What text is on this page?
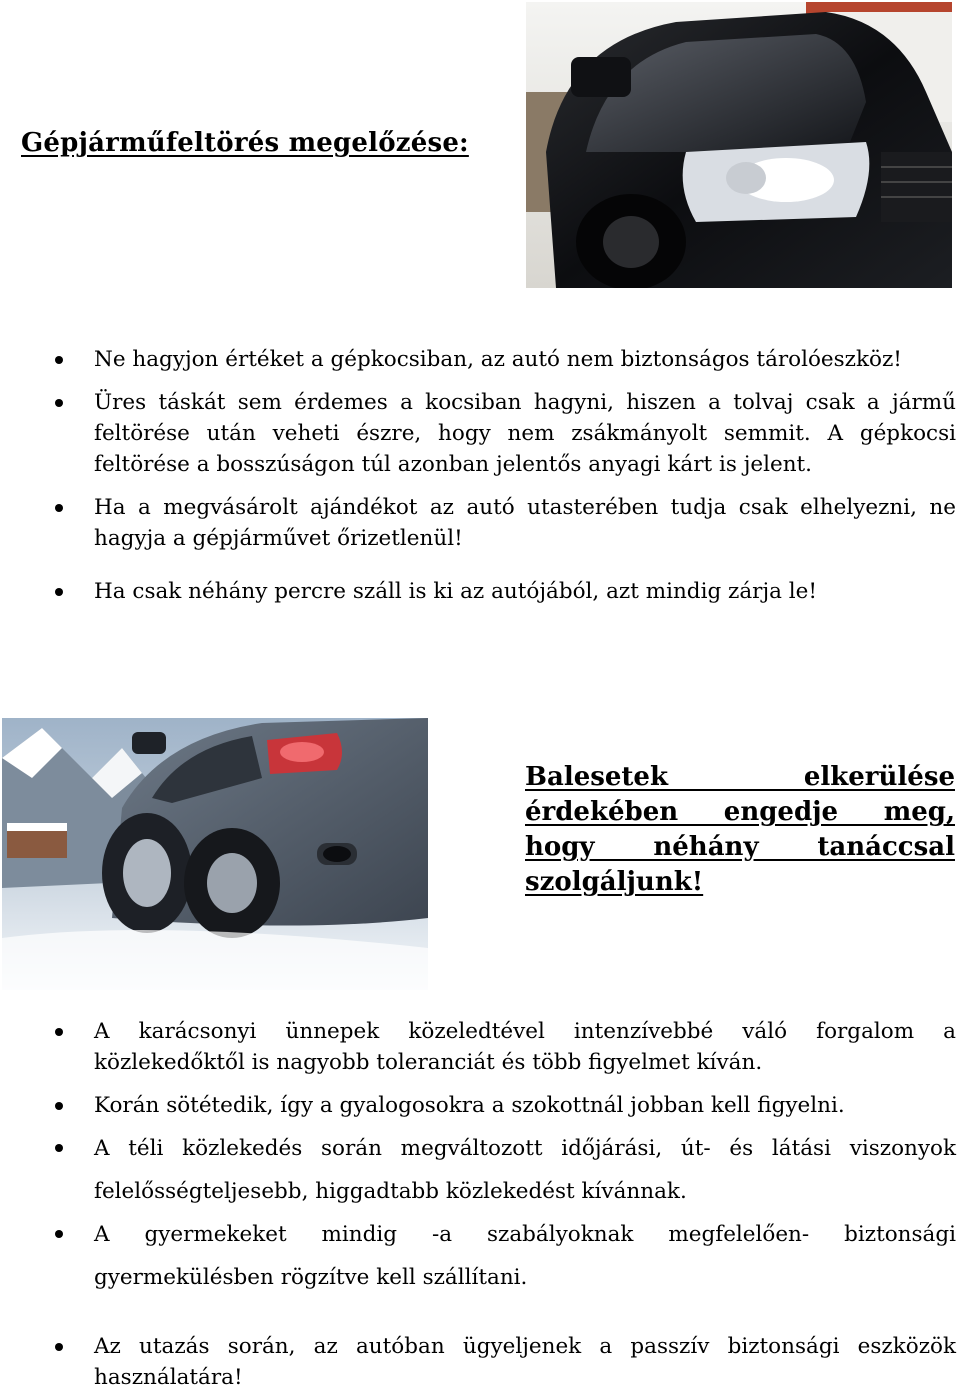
Gépjárműfeltörés megelőzése:
Ne hagyjon értéket a gépkocsiban, az autó nem biztonságos tárolóeszköz!
Üres táskát sem érdemes a kocsiban hagyni, hiszen a tolvaj csak a jármű feltörése után veheti észre, hogy nem zsákmányolt semmit. A gépkocsi feltörése a bosszúságon túl azonban jelentős anyagi kárt is jelent.
Ha a megvásárolt ajándékot az autó utasterében tudja csak elhelyezni, ne hagyja a gépjárművet őrizetlenül!
Ha csak néhány percre száll is ki az autójából, azt mindig zárja le!
Balesetek elkerülése érdekében engedje meg, hogy néhány tanáccsal szolgáljunk!
A karácsonyi ünnepek közeledtével intenzívebbé váló forgalom a közlekedőktől is nagyobb toleranciát és több figyelmet kíván.
Korán sötétedik, így a gyalogosokra a szokottnál jobban kell figyelni.
A téli közlekedés során megváltozott időjárási, út- és látási viszonyok felelősségteljesebb, higgadtabb közlekedést kívánnak.
A gyermekeket mindig -a szabályoknak megfelelően- biztonsági gyermekülésben rögzítve kell szállítani.
Az utazás során, az autóban ügyeljenek a passzív biztonsági eszközök használatára!
